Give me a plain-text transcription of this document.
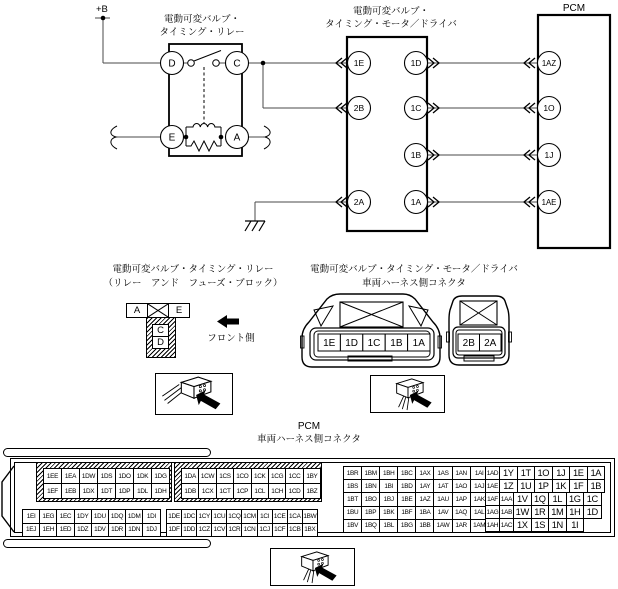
+B
電動可変バルブ・
タイミング・リレー
電動可変バルブ・
タイミング・モータ／ドライバ
PCM
D	C
E	A
1E
2B
2A
1D
1C
1B
1A
1AZ
1O
1J
1AE
電動可変バルブ・タイミング・リレー
（リレー　アンド　フューズ・ブロック）
A	E
C
D	フロント側
電動可変バルブ・タイミング・モータ／ドライバ
車両ハーネス側コネクタ
1E 1D 1C 1B 1A	2B 2A
PCM
車両ハーネス側コネクタ
1EE	1EA 1DW 1DS 1DO 1DK 1DG
1EF	1EB	1DX	1DT	1DP	1DL	1DH
1DA 1CW 1CS 1CO 1CK 1CG 1CC 1BY
1DB 1CX 1CT 1CP 1CL 1CH 1CD 1BZ
1EI	1EG 1EC 1DY 1DU 1DQ 1DM 1DI
1EJ 1EH 1ED 1DZ 1DV 1DR 1DN 1DJ
1DE 1DC 1CY 1CU 1CQ 1CM 1CI 1CE 1CA 1BW
1DF 1DD 1CZ 1CV 1CR 1CN 1CJ 1CF 1CB 1BX
1BR 1BM 1BH	1BC	1AX	1AS	1AN	1AI
1BS	1BN	1BI	1BD	1AY	1AT	1AO	1AJ
1BT	1BO	1BJ	1BE	1AZ	1AU	1AP	1AK
1BU	1BP	1BK	1BF	1BA	1AV	1AQ	1AL
1BV	1BQ	1BL	1BG	1BB 1AW 1AR 1AM
1AD 1Y 1T 1O 1J 1E 1A
1AE 1Z 1U 1P 1K 1F 1B
1AF 1AA 1V 1Q 1L 1G 1C
1AG 1AB 1W 1R 1M 1H 1D
1AH 1AC 1X 1S 1N 1I
